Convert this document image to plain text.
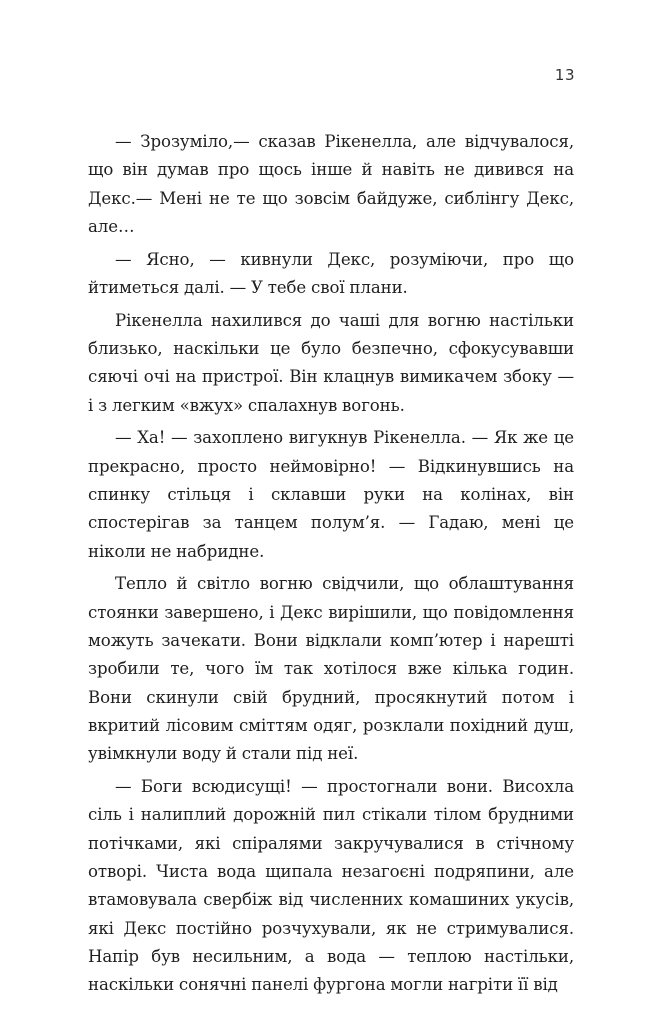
13

— Зрозуміло,— сказав Рікенелла, але відчувалося, що він думав про щось інше й навіть не дивився на Декс.— Мені не те що зовсім байдуже, сиблінгу Декс, але…

— Ясно, — кивнули Декс, розуміючи, про що йтиметься далі. — У тебе свої плани.

Рікенелла нахилився до чаші для вогню настільки близько, наскільки це було безпечно, сфокусувавши сяючі очі на пристрої. Він клацнув вимикачем збоку — і з легким «вжух» спалахнув вогонь.

— Ха! — захоплено вигукнув Рікенелла. — Як же це прекрасно, просто неймовірно! — Відкинувшись на спинку стільця і склавши руки на колінах, він спостерігав за танцем полум’я. — Гадаю, мені це ніколи не набридне.

Тепло й світло вогню свідчили, що облаштування стоянки завершено, і Декс вирішили, що повідомлення можуть зачекати. Вони відклали комп’ютер і нарешті зробили те, чого їм так хотілося вже кілька годин. Вони скинули свій брудний, просякнутий потом і вкритий лісовим сміттям одяг, розклали похідний душ, увімкнули воду й стали під неї.

— Боги всюдисущі! — простогнали вони. Висохла сіль і налиплий дорожній пил стікали тілом брудними потічками, які спіралями закручувалися в стічному отворі. Чиста вода щипала незагоєні подряпини, але втамовувала свербіж від численних комашиних укусів, які Декс постійно розчухували, як не стримувалися. Напір був несильним, а вода — теплою настільки, наскільки сонячні панелі фургона могли нагріти її від
